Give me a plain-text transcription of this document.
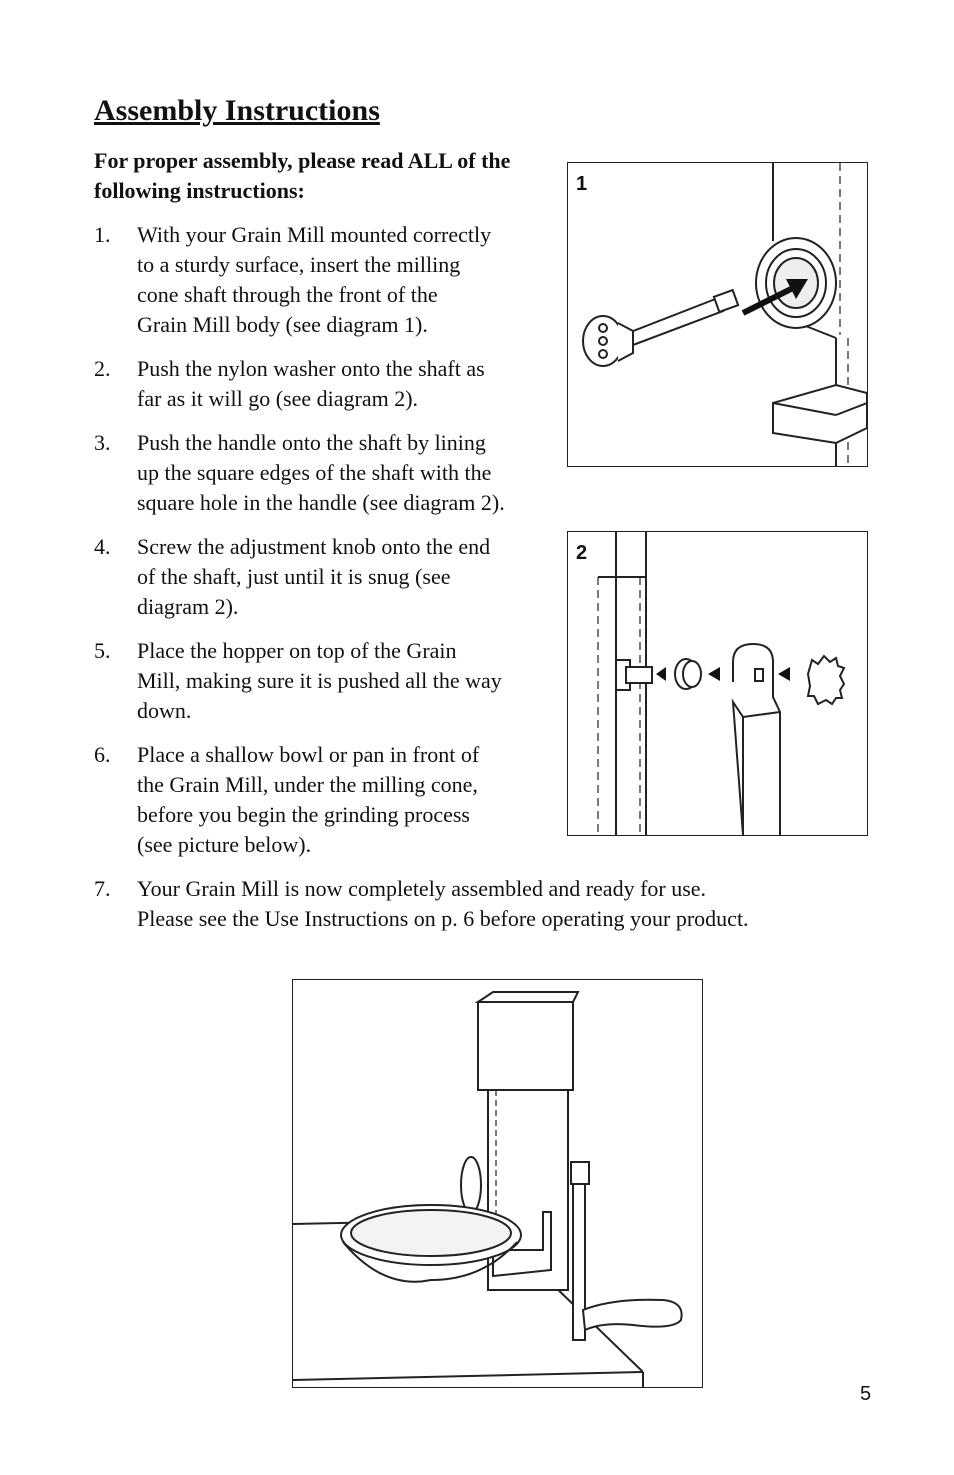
Assembly Instructions
For proper assembly, please read ALL of the following instructions:
1. With your Grain Mill mounted correctly
to a sturdy surface, insert the milling
cone shaft through the front of the
Grain Mill body (see diagram 1).
2. Push the nylon washer onto the shaft as
far as it will go (see diagram 2).
3. Push the handle onto the shaft by lining
up the square edges of the shaft with the
square hole in the handle (see diagram 2).
4. Screw the adjustment knob onto the end
of the shaft, just until it is snug (see
diagram 2).
5. Place the hopper on top of the Grain
Mill, making sure it is pushed all the way
down.
6. Place a shallow bowl or pan in front of
the Grain Mill, under the milling cone,
before you begin the grinding process
(see picture below).
7. Your Grain Mill is now completely assembled and ready for use.
Please see the Use Instructions on p. 6 before operating your product.
1
2
5
